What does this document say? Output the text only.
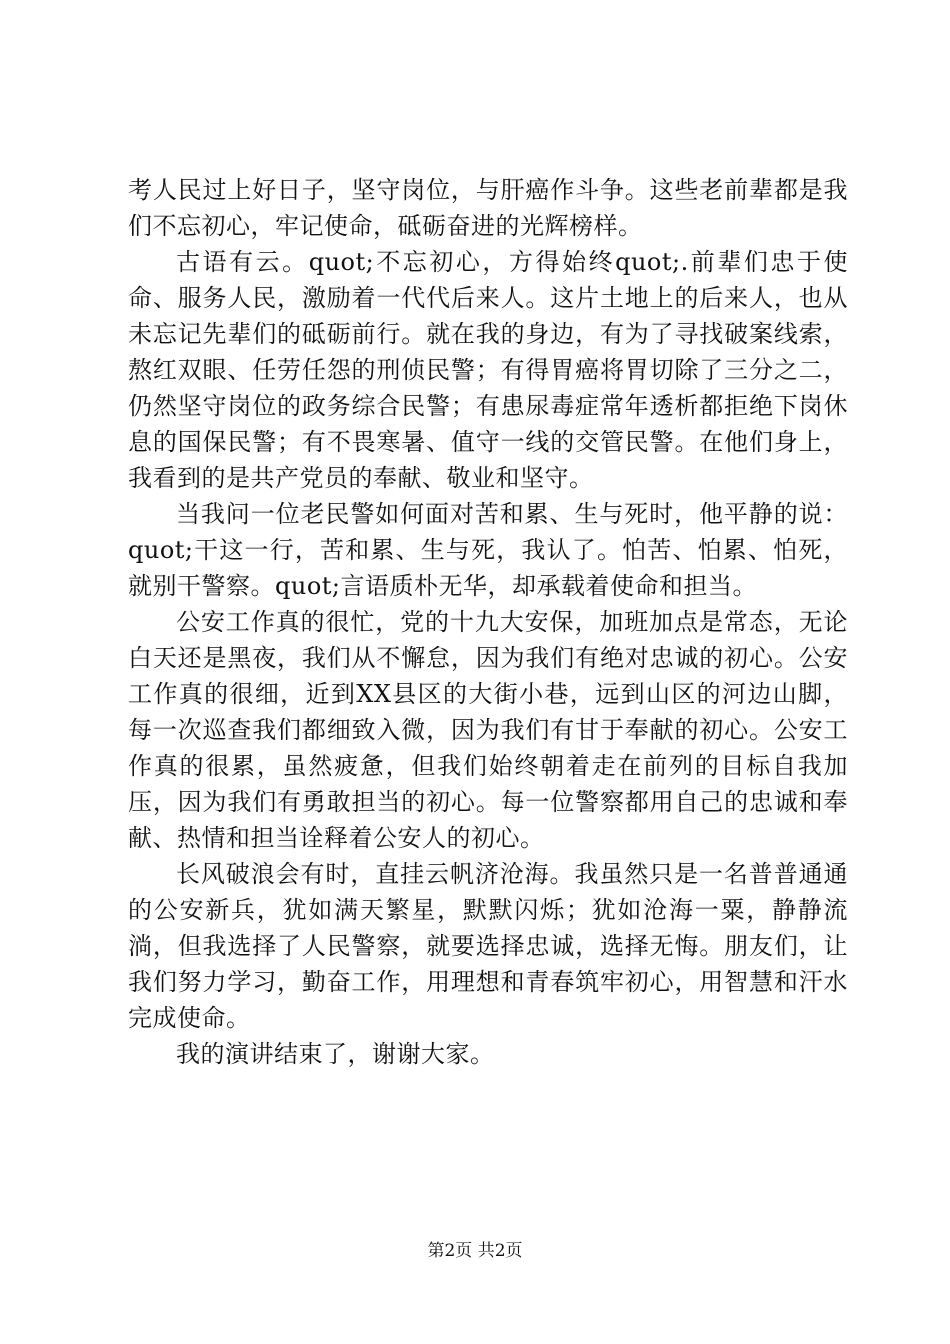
考人民过上好日子，坚守岗位，与肝癌作斗争。这些老前辈都是我们不忘初心，牢记使命，砥砺奋进的光辉榜样。

古语有云。quot;不忘初心，方得始终quot;.前辈们忠于使命、服务人民，激励着一代代后来人。这片土地上的后来人，也从未忘记先辈们的砥砺前行。就在我的身边，有为了寻找破案线索，熬红双眼、任劳任怨的刑侦民警；有得胃癌将胃切除了三分之二，仍然坚守岗位的政务综合民警；有患尿毒症常年透析都拒绝下岗休息的国保民警；有不畏寒暑、值守一线的交管民警。在他们身上，我看到的是共产党员的奉献、敬业和坚守。

当我问一位老民警如何面对苦和累、生与死时，他平静的说：quot;干这一行，苦和累、生与死，我认了。怕苦、怕累、怕死，就别干警察。quot;言语质朴无华，却承载着使命和担当。

公安工作真的很忙，党的十九大安保，加班加点是常态，无论白天还是黑夜，我们从不懈怠，因为我们有绝对忠诚的初心。公安工作真的很细，近到XX县区的大街小巷，远到山区的河边山脚，每一次巡查我们都细致入微，因为我们有甘于奉献的初心。公安工作真的很累，虽然疲惫，但我们始终朝着走在前列的目标自我加压，因为我们有勇敢担当的初心。每一位警察都用自己的忠诚和奉献、热情和担当诠释着公安人的初心。

长风破浪会有时，直挂云帆济沧海。我虽然只是一名普普通通的公安新兵，犹如满天繁星，默默闪烁；犹如沧海一粟，静静流淌，但我选择了人民警察，就要选择忠诚，选择无悔。朋友们，让我们努力学习，勤奋工作，用理想和青春筑牢初心，用智慧和汗水完成使命。

我的演讲结束了，谢谢大家。

第2页 共2页
